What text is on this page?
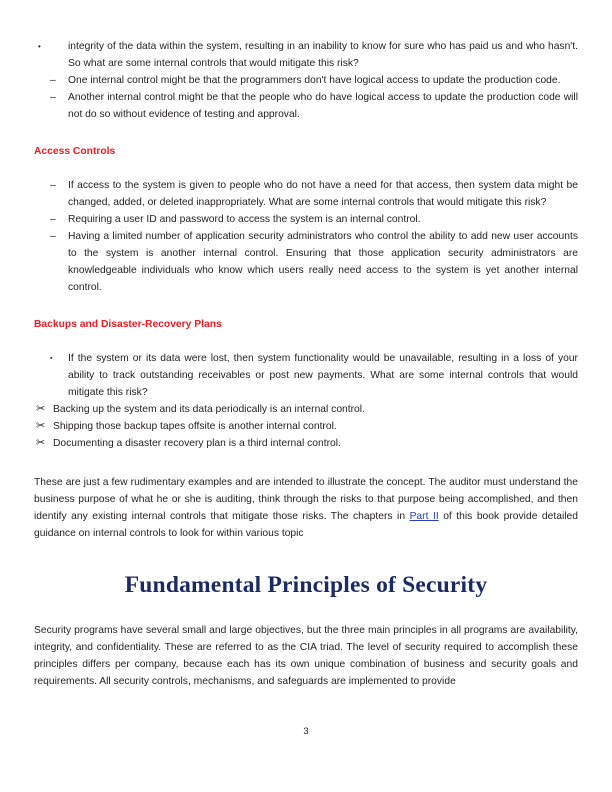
•	integrity of the data within the system, resulting in an inability to know for sure who has paid us and who hasn't. So what are some internal controls that would mitigate this risk?
–	One internal control might be that the programmers don't have logical access to update the production code.
–	Another internal control might be that the people who do have logical access to update the production code will not do so without evidence of testing and approval.
Access Controls
–	If access to the system is given to people who do not have a need for that access, then system data might be changed, added, or deleted inappropriately. What are some internal controls that would mitigate this risk?
–	Requiring a user ID and password to access the system is an internal control.
–	Having a limited number of application security administrators who control the ability to add new user accounts to the system is another internal control. Ensuring that those application security administrators are knowledgeable individuals who know which users really need access to the system is yet another internal control.
Backups and Disaster-Recovery Plans
▪	If the system or its data were lost, then system functionality would be unavailable, resulting in a loss of your ability to track outstanding receivables or post new payments. What are some internal controls that would mitigate this risk?
✂ Backing up the system and its data periodically is an internal control.
✂ Shipping those backup tapes offsite is another internal control.
✂ Documenting a disaster recovery plan is a third internal control.
These are just a few rudimentary examples and are intended to illustrate the concept. The auditor must understand the business purpose of what he or she is auditing, think through the risks to that purpose being accomplished, and then identify any existing internal controls that mitigate those risks. The chapters in Part II of this book provide detailed guidance on internal controls to look for within various topic
Fundamental Principles of Security
Security programs have several small and large objectives, but the three main principles in all programs are availability, integrity, and confidentiality. These are referred to as the CIA triad. The level of security required to accomplish these principles differs per company, because each has its own unique combination of business and security goals and requirements. All security controls, mechanisms, and safeguards are implemented to provide
3
